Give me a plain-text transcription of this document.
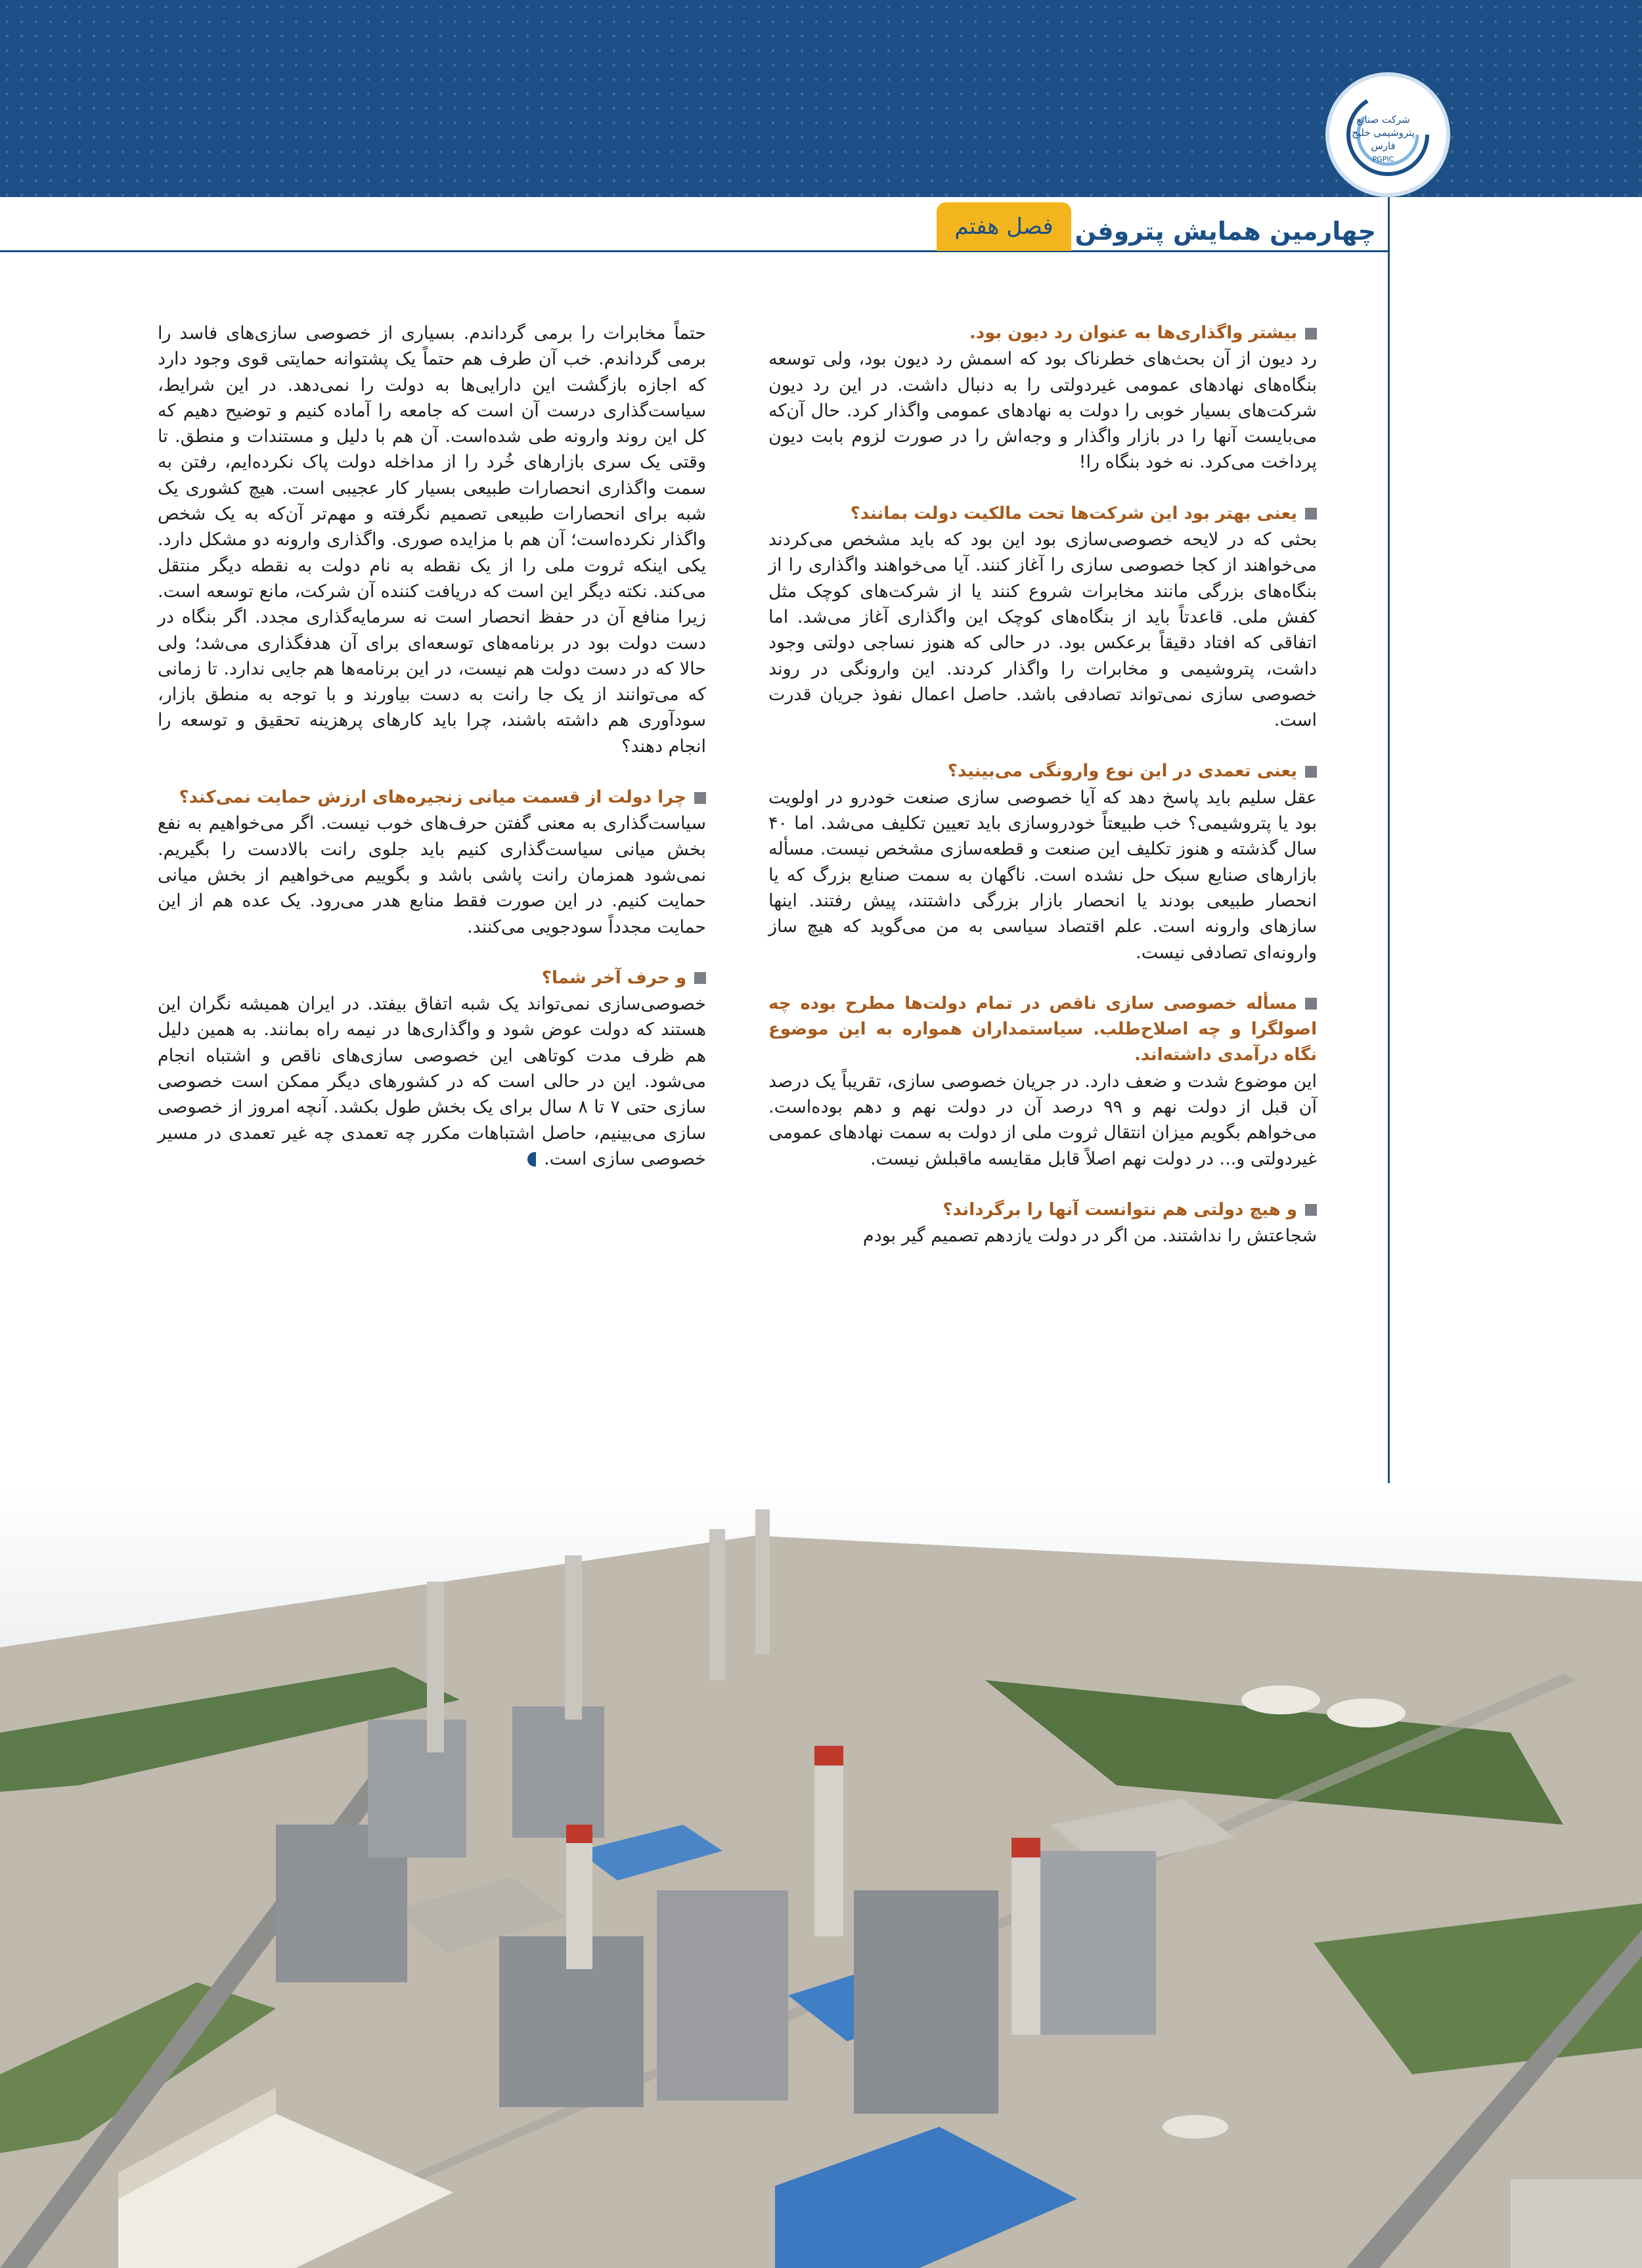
شرکت صنایع پتروشیمی خلیج فارس
PGPIC
چهارمین همایش پتروفن
فصل هفتم

بیشتر واگذاری‌ها به عنوان رد دیون بود.

رد دیون از آن بحث‌های خطرناک بود که اسمش رد دیون بود، ولی توسعه بنگاه‌های نهادهای عمومی غیردولتی را به دنبال داشت. در این رد دیون شرکت‌های بسیار خوبی را دولت به نهادهای عمومی واگذار کرد. حال آن‌که می‌بایست آنها را در بازار واگذار و وجه‌اش را در صورت لزوم بابت دیون پرداخت می‌کرد. نه خود بنگاه را!

یعنی بهتر بود این شرکت‌ها تحت مالکیت دولت بمانند؟

بحثی که در لایحه خصوصی‌سازی بود این بود که باید مشخص می‌کردند می‌خواهند از کجا خصوصی سازی را آغاز کنند. آیا می‌خواهند واگذاری را از بنگاه‌های بزرگی مانند مخابرات شروع کنند یا از شرکت‌های کوچک مثل کفش ملی. قاعدتاً باید از بنگاه‌های کوچک این واگذاری آغاز می‌شد. اما اتفاقی که افتاد دقیقاً برعکس بود. در حالی که هنوز نساجی دولتی وجود داشت، پتروشیمی و مخابرات را واگذار کردند. این وارونگی در روند خصوصی سازی نمی‌تواند تصادفی باشد. حاصل اعمال نفوذ جریان قدرت است.

یعنی تعمدی در این نوع وارونگی می‌بینید؟

عقل سلیم باید پاسخ دهد که آیا خصوصی سازی صنعت خودرو در اولویت بود یا پتروشیمی؟ خب طبیعتاً خودروسازی باید تعیین تکلیف می‌شد. اما ۴۰ سال گذشته و هنوز تکلیف این صنعت و قطعه‌سازی مشخص نیست. مسأله بازارهای صنایع سبک حل نشده است. ناگهان به سمت صنایع بزرگ که یا انحصار طبیعی بودند یا انحصار بازار بزرگی داشتند، پیش رفتند. اینها سازهای وارونه است. علم اقتصاد سیاسی به من می‌گوید که هیچ ساز وارونه‌ای تصادفی نیست.

مسأله خصوصی سازی ناقص در تمام دولت‌ها مطرح بوده چه اصولگرا و چه اصلاح‌طلب. سیاستمداران همواره به این موضوع نگاه درآمدی داشته‌اند.

این موضوع شدت و ضعف دارد. در جریان خصوصی سازی، تقریباً یک درصد آن قبل از دولت نهم و ۹۹ درصد آن در دولت نهم و دهم بوده‌است. می‌خواهم بگویم میزان انتقال ثروت ملی از دولت به سمت نهادهای عمومی غیردولتی و... در دولت نهم اصلاً قابل مقایسه ماقبلش نیست.

و هیچ دولتی هم نتوانست آنها را برگرداند؟

شجاعتش را نداشتند. من اگر در دولت یازدهم تصمیم گیر بودم

حتماً مخابرات را برمی گرداندم. بسیاری از خصوصی سازی‌های فاسد را برمی گرداندم. خب آن طرف هم حتماً یک پشتوانه حمایتی قوی وجود دارد که اجازه بازگشت این دارایی‌ها به دولت را نمی‌دهد. در این شرایط، سیاست‌گذاری درست آن است که جامعه را آماده کنیم و توضیح دهیم که کل این روند وارونه طی شده‌است. آن هم با دلیل و مستندات و منطق. تا وقتی یک سری بازارهای خُرد را از مداخله دولت پاک نکرده‌ایم، رفتن به سمت واگذاری انحصارات طبیعی بسیار کار عجیبی است. هیچ کشوری یک شبه برای انحصارات طبیعی تصمیم نگرفته و مهم‌تر آن‌که به یک شخص واگذار نکرده‌است؛ آن هم با مزایده صوری. واگذاری وارونه دو مشکل دارد. یکی اینکه ثروت ملی را از یک نقطه به نام دولت به نقطه دیگر منتقل می‌کند. نکته دیگر این است که دریافت کننده آن شرکت، مانع توسعه است. زیرا منافع آن در حفظ انحصار است نه سرمایه‌گذاری مجدد. اگر بنگاه در دست دولت بود در برنامه‌های توسعه‌ای برای آن هدفگذاری می‌شد؛ ولی حالا که در دست دولت هم نیست، در این برنامه‌ها هم جایی ندارد. تا زمانی که می‌توانند از یک جا رانت به دست بیاورند و با توجه به منطق بازار، سودآوری هم داشته باشند، چرا باید کارهای پرهزینه تحقیق و توسعه را انجام دهند؟

چرا دولت از قسمت میانی زنجیره‌های ارزش حمایت نمی‌کند؟

سیاست‌گذاری به معنی گفتن حرف‌های خوب نیست. اگر می‌خواهیم به نفع بخش میانی سیاست‌گذاری کنیم باید جلوی رانت بالادست را بگیریم. نمی‌شود همزمان رانت پاشی باشد و بگوییم می‌خواهیم از بخش میانی حمایت کنیم. در این صورت فقط منابع هدر می‌رود. یک عده هم از این حمایت مجدداً سودجویی می‌کنند.

و حرف آخر شما؟

خصوصی‌سازی نمی‌تواند یک شبه اتفاق بیفتد. در ایران همیشه نگران این هستند که دولت عوض شود و واگذاری‌ها در نیمه راه بمانند. به همین دلیل هم ظرف مدت کوتاهی این خصوصی سازی‌های ناقص و اشتباه انجام می‌شود. این در حالی است که در کشورهای دیگر ممکن است خصوصی سازی حتی ۷ تا ۸ سال برای یک بخش طول بکشد. آنچه امروز از خصوصی سازی می‌بینیم، حاصل اشتباهات مکرر چه تعمدی چه غیر تعمدی در مسیر خصوصی سازی است.
